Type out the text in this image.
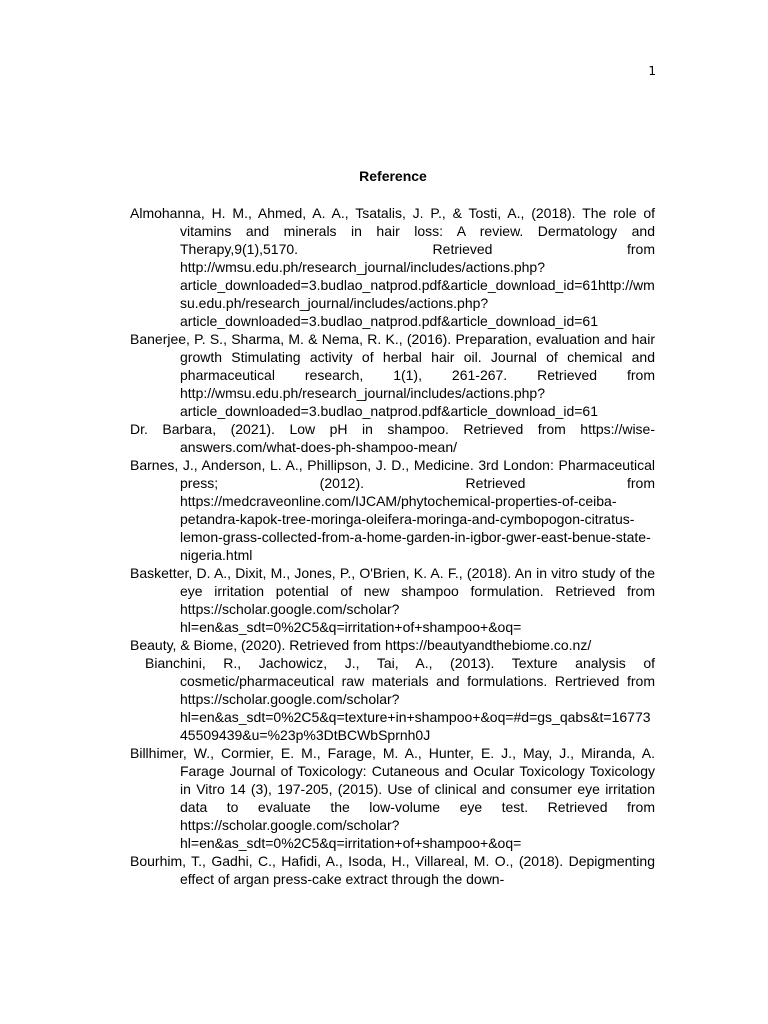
1
Reference

Almohanna, H. M., Ahmed, A. A., Tsatalis, J. P., & Tosti, A., (2018). The role of vitamins and minerals in hair loss: A review. Dermatology and Therapy,9(1),5170. Retrieved from http://wmsu.edu.ph/research_journal/includes/actions.php?article_downloaded=3.budlao_natprod.pdf&article_download_id=61http://wmsu.edu.ph/research_journal/includes/actions.php?article_downloaded=3.budlao_natprod.pdf&article_download_id=61

Banerjee, P. S., Sharma, M. & Nema, R. K., (2016). Preparation, evaluation and hair growth Stimulating activity of herbal hair oil. Journal of chemical and pharmaceutical research, 1(1), 261-267. Retrieved from http://wmsu.edu.ph/research_journal/includes/actions.php?article_downloaded=3.budlao_natprod.pdf&article_download_id=61

Dr. Barbara, (2021). Low pH in shampoo. Retrieved from https://wise-answers.com/what-does-ph-shampoo-mean/

Barnes, J., Anderson, L. A., Phillipson, J. D., Medicine. 3rd London: Pharmaceutical press; (2012). Retrieved from https://medcraveonline.com/IJCAM/phytochemical-properties-of-ceiba-petandra-kapok-tree-moringa-oleifera-moringa-and-cymbopogon-citratus-lemon-grass-collected-from-a-home-garden-in-igbor-gwer-east-benue-state-nigeria.html

Basketter, D. A., Dixit, M., Jones, P., O'Brien, K. A. F., (2018). An in vitro study of the eye irritation potential of new shampoo formulation. Retrieved from https://scholar.google.com/scholar?hl=en&as_sdt=0%2C5&q=irritation+of+shampoo+&oq=

Beauty, & Biome, (2020). Retrieved from https://beautyandthebiome.co.nz/

Bianchini, R., Jachowicz, J., Tai, A., (2013). Texture analysis of cosmetic/pharmaceutical raw materials and formulations. Rertrieved from https://scholar.google.com/scholar?hl=en&as_sdt=0%2C5&q=texture+in+shampoo+&oq=#d=gs_qabs&t=1677345509439&u=%23p%3DtBCWbSprnh0J

Billhimer, W., Cormier, E. M., Farage, M. A., Hunter, E. J., May, J., Miranda, A. Farage Journal of Toxicology: Cutaneous and Ocular Toxicology Toxicology in Vitro 14 (3), 197-205, (2015). Use of clinical and consumer eye irritation data to evaluate the low-volume eye test. Retrieved from https://scholar.google.com/scholar?hl=en&as_sdt=0%2C5&q=irritation+of+shampoo+&oq=

Bourhim, T., Gadhi, C., Hafidi, A., Isoda, H., Villareal, M. O., (2018). Depigmenting effect of argan press-cake extract through the down-
